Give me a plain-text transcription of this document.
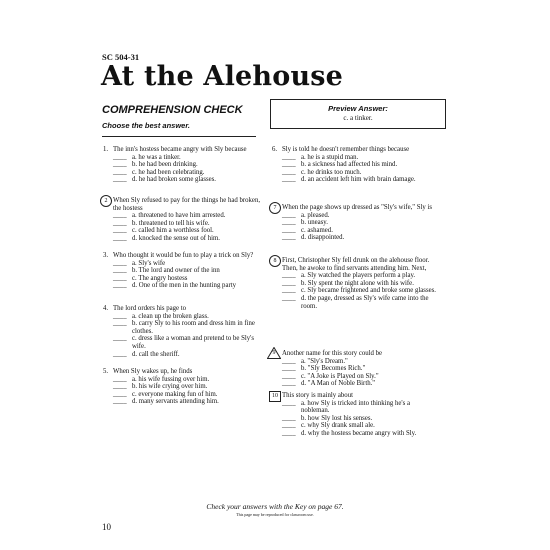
SC 504-31
At the Alehouse
COMPREHENSION CHECK
Choose the best answer.
Preview Answer:
c. a tinker.
1. The inn's hostess became angry with Sly because
____ a. he was a tinker.
____ b. he had been drinking.
____ c. he had been celebrating.
____ d. he had broken some glasses.
2 When Sly refused to pay for the things he had broken, the hostess
____ a. threatened to have him arrested.
____ b. threatened to tell his wife.
____ c. called him a worthless fool.
____ d. knocked the sense out of him.
3. Who thought it would be fun to play a trick on Sly?
____ a. Sly's wife
____ b. The lord and owner of the inn
____ c. The angry hostess
____ d. One of the men in the hunting party
4. The lord orders his page to
____ a. clean up the broken glass.
____ b. carry Sly to his room and dress him in fine clothes.
____ c. dress like a woman and pretend to be Sly's wife.
____ d. call the sheriff.
5. When Sly wakes up, he finds
____ a. his wife fussing over him.
____ b. his wife crying over him.
____ c. everyone making fun of him.
____ d. many servants attending him.
6. Sly is told he doesn't remember things because
____ a. he is a stupid man.
____ b. a sickness had affected his mind.
____ c. he drinks too much.
____ d. an accident left him with brain damage.
7 When the page shows up dressed as "Sly's wife," Sly is
____ a. pleased.
____ b. uneasy.
____ c. ashamed.
____ d. disappointed.
8 First, Christopher Sly fell drunk on the alehouse floor. Then, he awoke to find servants attending him. Next,
____ a. Sly watched the players perform a play.
____ b. Sly spent the night alone with his wife.
____ c. Sly became frightened and broke some glasses.
____ d. the page, dressed as Sly's wife came into the room.
9 Another name for this story could be
____ a. "Sly's Dream."
____ b. "Sly Becomes Rich."
____ c. "A Joke is Played on Sly."
____ d. "A Man of Noble Birth."
10 This story is mainly about
____ a. how Sly is tricked into thinking he's a nobleman.
____ b. how Sly lost his senses.
____ c. why Sly drank small ale.
____ d. why the hostess became angry with Sly.
Check your answers with the Key on page 67.
This page may be reproduced for classroom use.
10
